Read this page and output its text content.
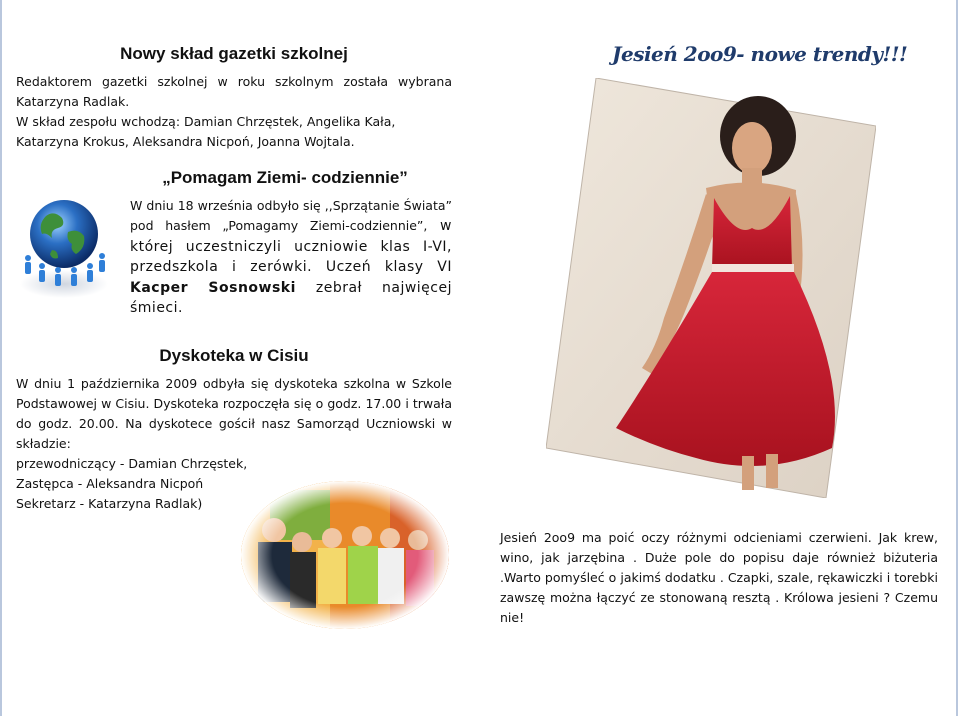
Nowy skład gazetki szkolnej

Redaktorem gazetki szkolnej w roku szkolnym została wybrana Katarzyna Radlak.

W skład zespołu wchodzą: Damian Chrzęstek, Angelika Kała, Katarzyna Krokus, Aleksandra Nicpoń, Joanna Wojtala.

„Pomagam Ziemi- codziennie”
W dniu 18 września odbyło się ,,Sprzątanie Świata” pod hasłem „Pomagamy Ziemi-codziennie”, w której uczestniczyli uczniowie klas I-VI, przedszkola i zerówki. Uczeń klasy VI Kacper Sosnowski zebrał najwięcej śmieci.
Dyskoteka w Cisiu

W dniu 1 października 2009 odbyła się dyskoteka szkolna w Szkole Podstawowej w Cisiu. Dyskoteka rozpoczęła się o godz. 17.00 i trwała do godz. 20.00. Na dyskotece gościł nasz Samorząd Uczniowski w składzie:

przewodniczący - Damian Chrzęstek,

Zastępca - Aleksandra Nicpoń

Sekretarz - Katarzyna Radlak)

Jesień 2oo9- nowe trendy!!!

Jesień 2oo9 ma poić oczy różnymi odcieniami czerwieni. Jak krew, wino, jak jarzębina . Duże pole do popisu daje również biżuteria .Warto pomyśleć o jakimś dodatku . Czapki, szale, rękawiczki i torebki zawszę można łączyć ze stonowaną resztą . Królowa jesieni ? Czemu nie!
